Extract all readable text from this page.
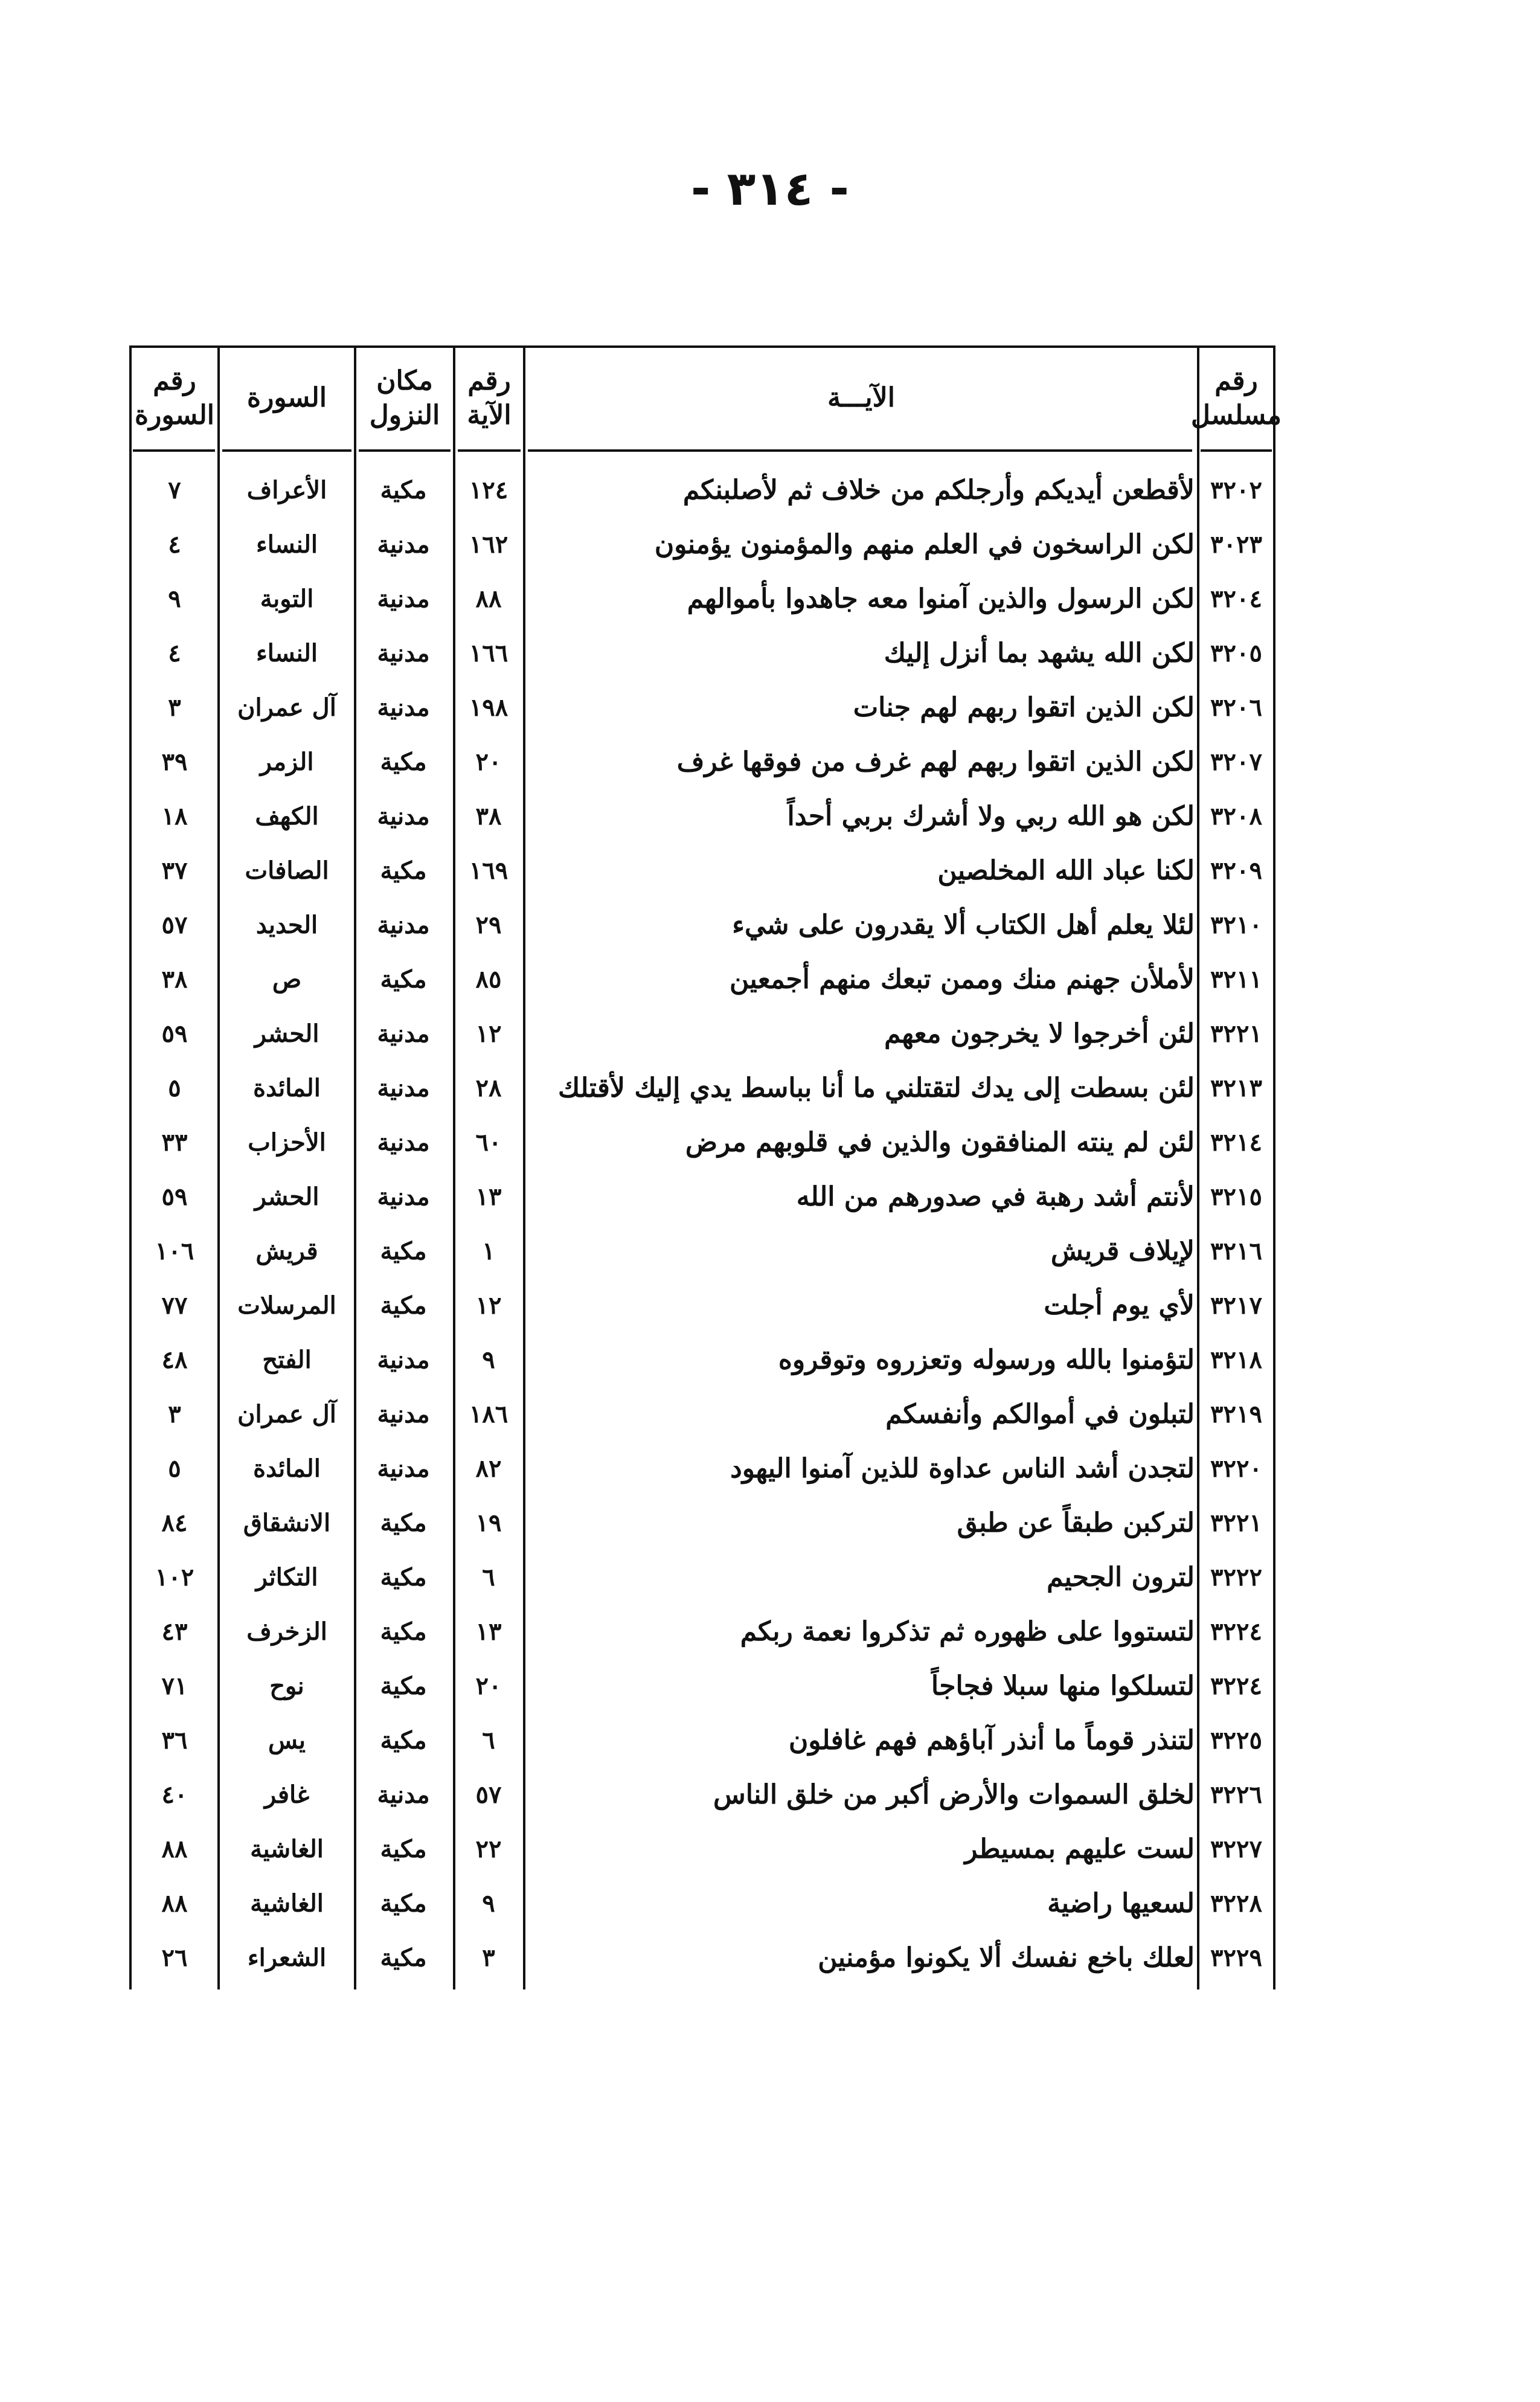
- ٣١٤ -
رقم
مسلسل
الآيـــة
رقم
الآية
مكان
النزول
السورة
رقم
السورة
٣٢٠٢
لأقطعن أيديكم وأرجلكم من خلاف ثم لأصلبنكم
١٢٤
مكية
الأعراف
٧
٣٠٢٣
لكن الراسخون في العلم منهم والمؤمنون يؤمنون
١٦٢
مدنية
النساء
٤
٣٢٠٤
لكن الرسول والذين آمنوا معه جاهدوا بأموالهم
٨٨
مدنية
التوبة
٩
٣٢٠٥
لكن الله يشهد بما أنزل إليك
١٦٦
مدنية
النساء
٤
٣٢٠٦
لكن الذين اتقوا ربهم لهم جنات
١٩٨
مدنية
آل عمران
٣
٣٢٠٧
لكن الذين اتقوا ربهم لهم غرف من فوقها غرف
٢٠
مكية
الزمر
٣٩
٣٢٠٨
لكن هو الله ربي ولا أشرك بربي أحداً
٣٨
مدنية
الكهف
١٨
٣٢٠٩
لكنا عباد الله المخلصين
١٦٩
مكية
الصافات
٣٧
٣٢١٠
لئلا يعلم أهل الكتاب ألا يقدرون على شيء
٢٩
مدنية
الحديد
٥٧
٣٢١١
لأملأن جهنم منك وممن تبعك منهم أجمعين
٨٥
مكية
ص
٣٨
٣٢٢١
لئن أخرجوا لا يخرجون معهم
١٢
مدنية
الحشر
٥٩
٣٢١٣
لئن بسطت إلى يدك لتقتلني ما أنا بباسط يدي إليك لأقتلك
٢٨
مدنية
المائدة
٥
٣٢١٤
لئن لم ينته المنافقون والذين في قلوبهم مرض
٦٠
مدنية
الأحزاب
٣٣
٣٢١٥
لأنتم أشد رهبة في صدورهم من الله
١٣
مدنية
الحشر
٥٩
٣٢١٦
لإيلاف قريش
١
مكية
قريش
١٠٦
٣٢١٧
لأي يوم أجلت
١٢
مكية
المرسلات
٧٧
٣٢١٨
لتؤمنوا بالله ورسوله وتعزروه وتوقروه
٩
مدنية
الفتح
٤٨
٣٢١٩
لتبلون في أموالكم وأنفسكم
١٨٦
مدنية
آل عمران
٣
٣٢٢٠
لتجدن أشد الناس عداوة للذين آمنوا اليهود
٨٢
مدنية
المائدة
٥
٣٢٢١
لتركبن طبقاً عن طبق
١٩
مكية
الانشقاق
٨٤
٣٢٢٢
لترون الجحيم
٦
مكية
التكاثر
١٠٢
٣٢٢٤
لتستووا على ظهوره ثم تذكروا نعمة ربكم
١٣
مكية
الزخرف
٤٣
٣٢٢٤
لتسلكوا منها سبلا فجاجاً
٢٠
مكية
نوح
٧١
٣٢٢٥
لتنذر قوماً ما أنذر آباؤهم فهم غافلون
٦
مكية
يس
٣٦
٣٢٢٦
لخلق السموات والأرض أكبر من خلق الناس
٥٧
مدنية
غافر
٤٠
٣٢٢٧
لست عليهم بمسيطر
٢٢
مكية
الغاشية
٨٨
٣٢٢٨
لسعيها راضية
٩
مكية
الغاشية
٨٨
٣٢٢٩
لعلك باخع نفسك ألا يكونوا مؤمنين
٣
مكية
الشعراء
٢٦
